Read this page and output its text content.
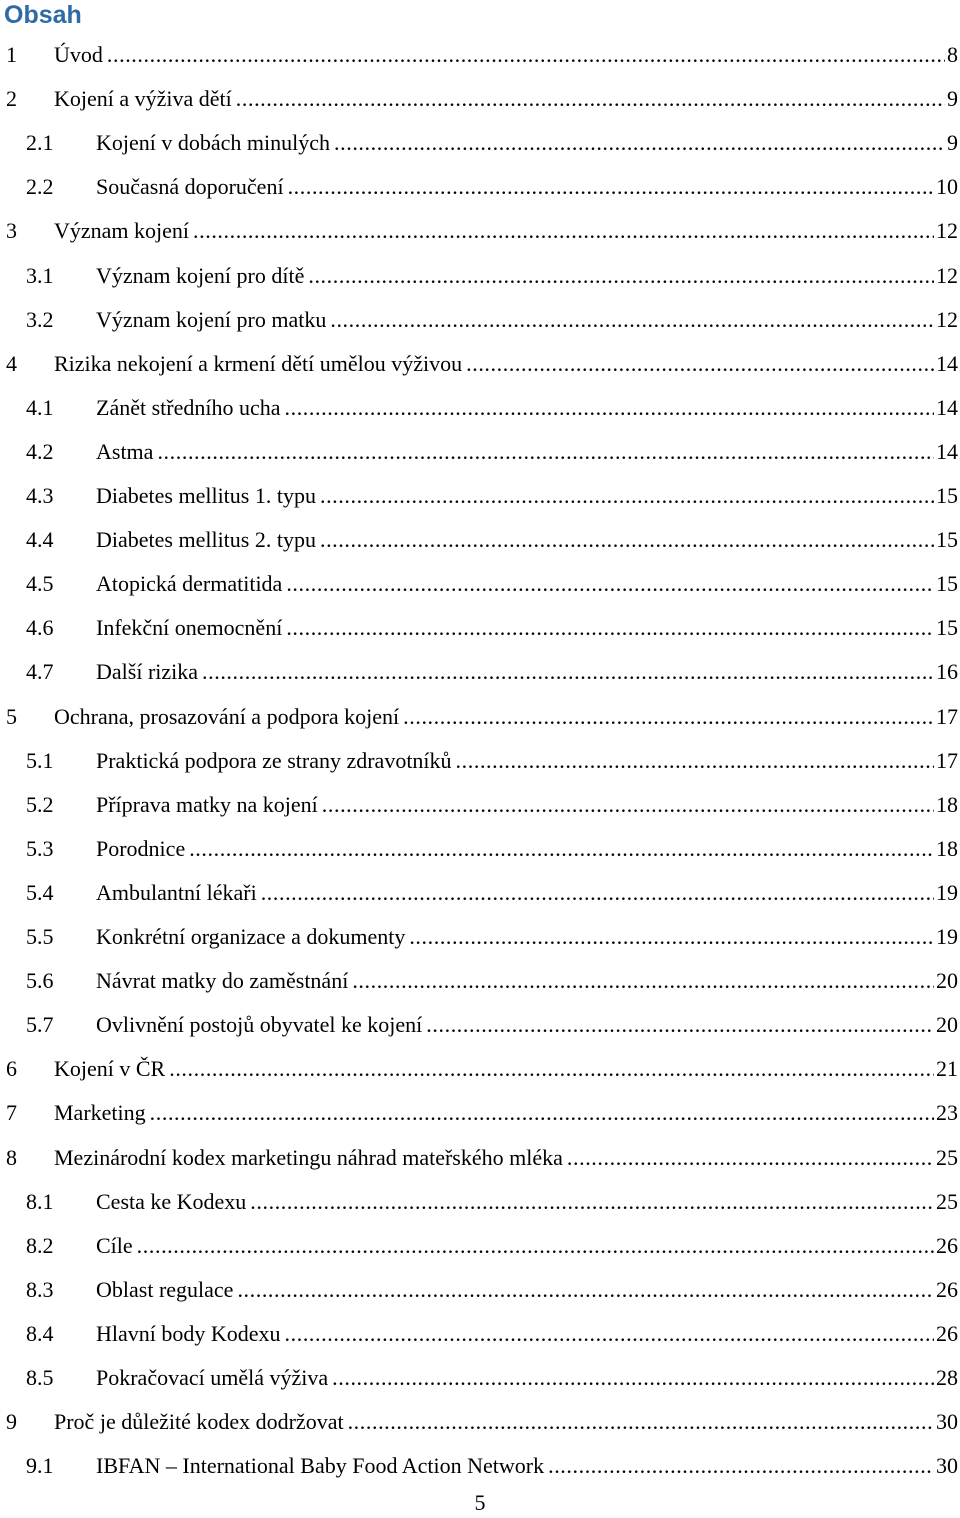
Obsah
1 Úvod .....	8
2 Kojení a výživa dětí .....	9
2.1 Kojení v dobách minulých .....	9
2.2 Současná doporučení .....	10
3 Význam kojení .....	12
3.1 Význam kojení pro dítě .....	12
3.2 Význam kojení pro matku .....	12
4 Rizika nekojení a krmení dětí umělou výživou .....	14
4.1 Zánět středního ucha .....	14
4.2 Astma .....	14
4.3 Diabetes mellitus 1. typu .....	15
4.4 Diabetes mellitus 2. typu .....	15
4.5 Atopická dermatitida .....	15
4.6 Infekční onemocnění .....	15
4.7 Další rizika .....	16
5 Ochrana, prosazování a podpora kojení .....	17
5.1 Praktická podpora ze strany zdravotníků .....	17
5.2 Příprava matky na kojení .....	18
5.3 Porodnice .....	18
5.4 Ambulantní lékaři .....	19
5.5 Konkrétní organizace a dokumenty .....	19
5.6 Návrat matky do zaměstnání .....	20
5.7 Ovlivnění postojů obyvatel ke kojení .....	20
6 Kojení v ČR .....	21
7 Marketing .....	23
8 Mezinárodní kodex marketingu náhrad mateřského mléka .....	25
8.1 Cesta ke Kodexu .....	25
8.2 Cíle .....	26
8.3 Oblast regulace .....	26
8.4 Hlavní body Kodexu .....	26
8.5 Pokračovací umělá výživa .....	28
9 Proč je důležité kodex dodržovat .....	30
9.1 IBFAN – International Baby Food Action Network .....	30
5
